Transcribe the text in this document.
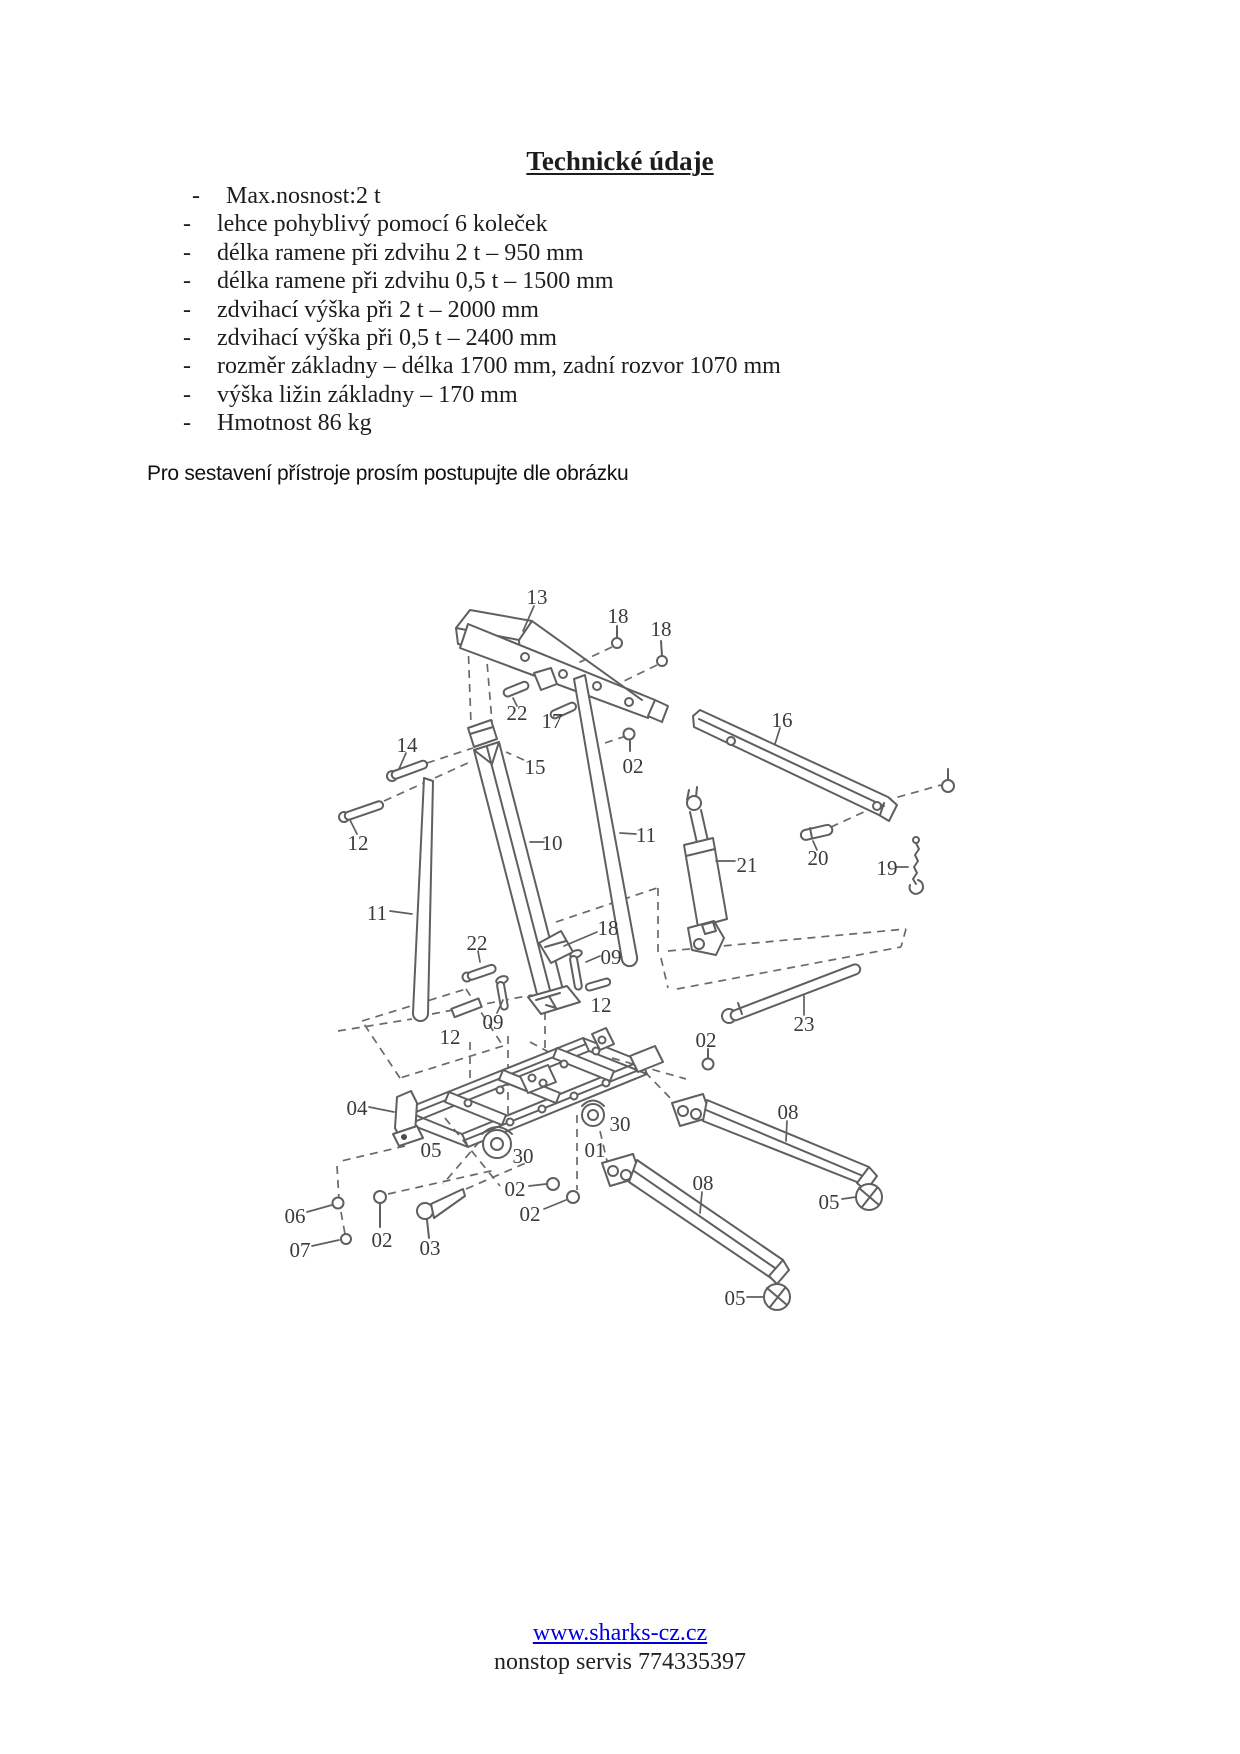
Technické údaje
-	Max.nosnost:2 t
-	lehce pohyblivý pomocí 6 koleček
-	délka ramene při zdvihu 2 t – 950 mm
-	délka ramene při zdvihu 0,5 t – 1500 mm
-	zdvihací výška při 2 t – 2000 mm
-	zdvihací výška při 0,5 t – 2400 mm
-	rozměr základny – délka 1700 mm, zadní rozvor 1070 mm
-	výška ližin základny – 170 mm
-	Hmotnost 86 kg
Pro sestavení přístroje prosím postupujte dle obrázku
13
18
18
22 17	16
14
15	02
12	10	11
21 20 19
11
18
22
09
12
09	23
12	02
04	08
30
05	30 01
08
02
05
06	02
02 03
07
05
www.sharks-cz.cz
nonstop servis 774335397
